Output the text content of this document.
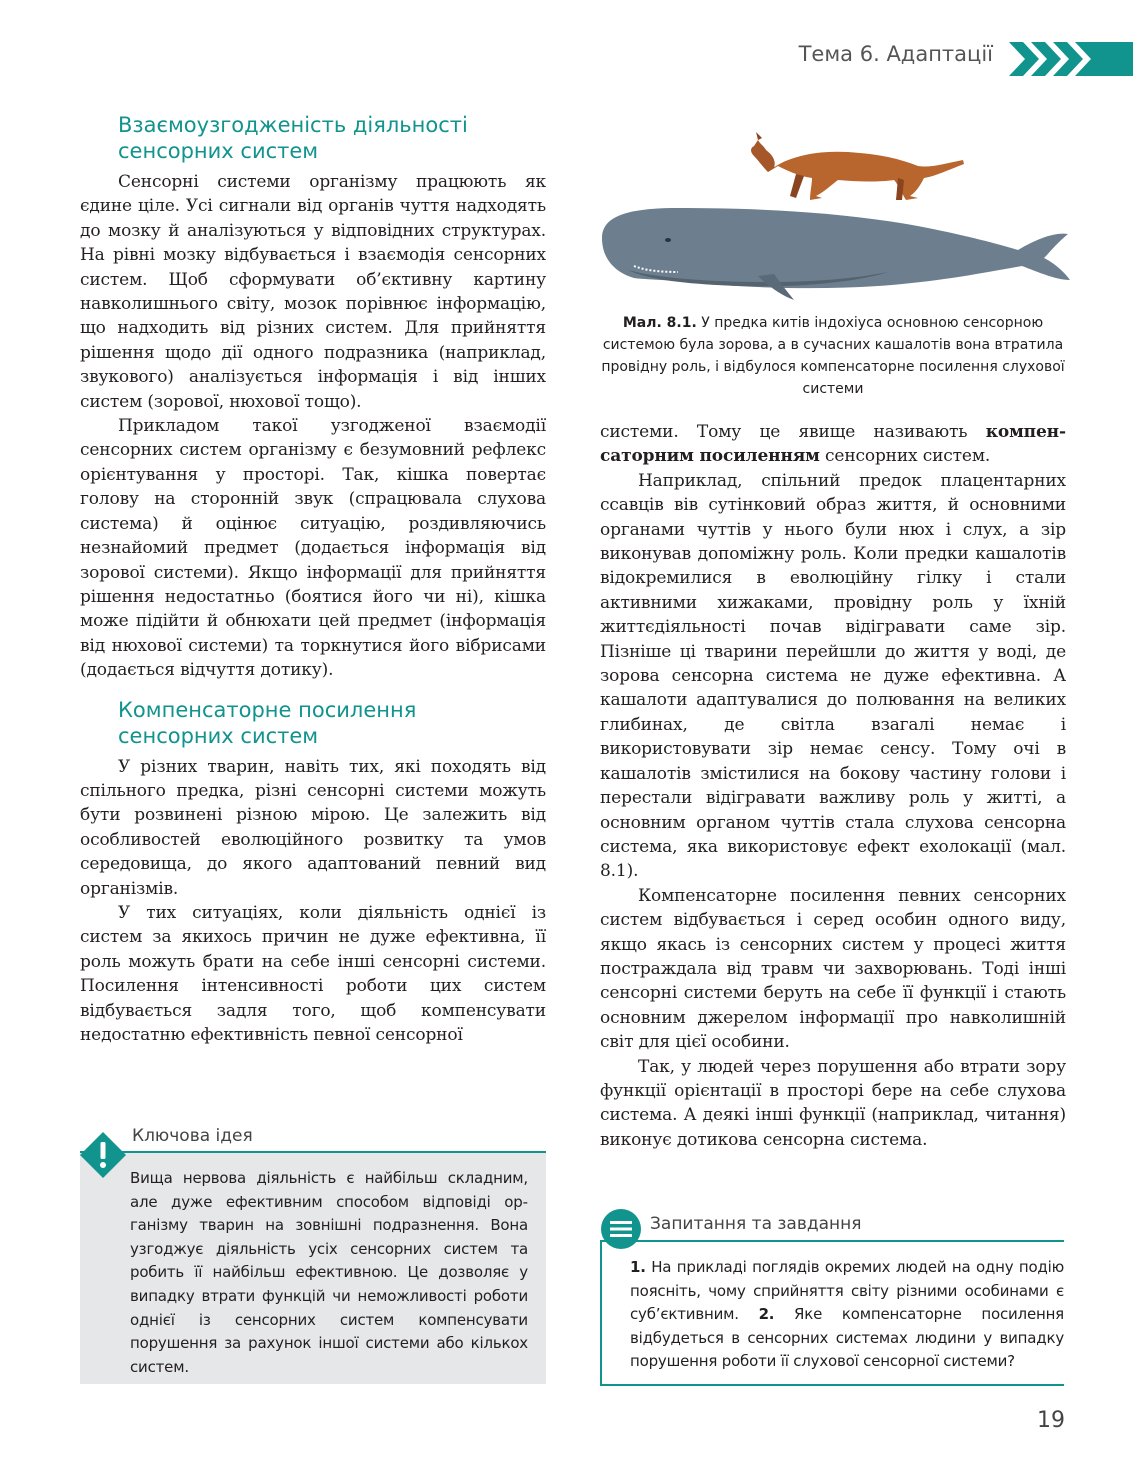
Тема 6. Адаптації
Взаємоузгодженість діяльності
сенсорних систем

Сенсорні системи організму працюють як єдине ціле. Усі сигнали від органів чуття надходять до мозку й аналізуються у відповідних структурах. На рівні мозку відбувається і взаємодія сенсорних систем. Щоб сформувати об’єктивну картину навколишнього світу, мозок порівнює інформацію, що надходить від різних систем. Для прийняття рішення щодо дії одного подразника (наприклад, звукового) аналізується інформація і від інших систем (зорової, нюхової тощо).

Прикладом такої узгодженої взаємодії сенсорних систем організму є безумовний рефлекс орієнтування у просторі. Так, кішка повертає голову на сторонній звук (спрацювала слухова система) й оцінює ситуацію, роздивляючись незнайомий предмет (додається інформація від зорової системи). Якщо інформації для прийняття рішення недостатньо (боятися його чи ні), кішка може підійти й обнюхати цей предмет (інформація від нюхової системи) та торкнутися його вібрисами (додається відчуття дотику).

Компенсаторне посилення
сенсорних систем

У різних тварин, навіть тих, які походять від спільного предка, різні сенсорні системи можуть бути розвинені різною мірою. Це залежить від особливостей еволюційного розвитку та умов середовища, до якого адаптований певний вид організмів.

У тих ситуаціях, коли діяльність однієї із систем за якихось причин не дуже ефективна, її роль можуть брати на себе інші сенсорні системи. Посилення інтенсивності роботи цих систем відбувається задля того, щоб компенсувати недостатню ефективність певної сенсорної

Мал. 8.1. У предка китів індохіуса основною сенсорною системою була зорова, а в сучасних кашалотів вона втратила провідну роль, і відбулося компенсаторне посилення слухової системи

системи. Тому це явище називають компенсаторним посиленням сенсорних систем.

Наприклад, спільний предок плацентарних ссавців вів сутінковий образ життя, й основними органами чуттів у нього були нюх і слух, а зір виконував допоміжну роль. Коли предки кашалотів відокремилися в еволюційну гілку і стали активними хижаками, провідну роль у їхній життєдіяльності почав відігравати саме зір. Пізніше ці тварини перейшли до життя у воді, де зорова сенсорна система не дуже ефективна. А кашалоти адаптувалися до полювання на великих глибинах, де світла взагалі немає і використовувати зір немає сенсу. Тому очі в кашалотів змістилися на бокову частину голови і перестали відігравати важливу роль у житті, а основним органом чуттів стала слухова сенсорна система, яка використовує ефект ехолокації (мал. 8.1).

Компенсаторне посилення певних сенсорних систем відбувається і серед особин одного виду, якщо якась із сенсорних систем у процесі життя постраждала від травм чи захворювань. Тоді інші сенсорні системи беруть на себе її функції і стають основним джерелом інформації про навколишній світ для цієї особини.

Так, у людей через порушення або втрати зору функції орієнтації в просторі бере на себе слухова система. А деякі інші функції (наприклад, читання) виконує дотикова сенсорна система.

Ключова ідея
Вища нервова діяльність є найбільш складним, але дуже ефективним способом відповіді організму тварин на зовнішні подразнення. Вона узгоджує діяльність усіх сенсорних систем та робить її найбільш ефективною. Це дозволяє у випадку втрати функцій чи неможливості роботи однієї із сенсорних систем компенсувати порушення за рахунок іншої системи або кількох систем.
Запитання та завдання
1. На прикладі поглядів окремих людей на одну подію поясніть, чому сприйняття світу різними особинами є суб’єктивним. 2. Яке компенсаторне посилення відбудеться в сенсорних системах людини у випадку порушення роботи її слухової сенсорної системи?
19
